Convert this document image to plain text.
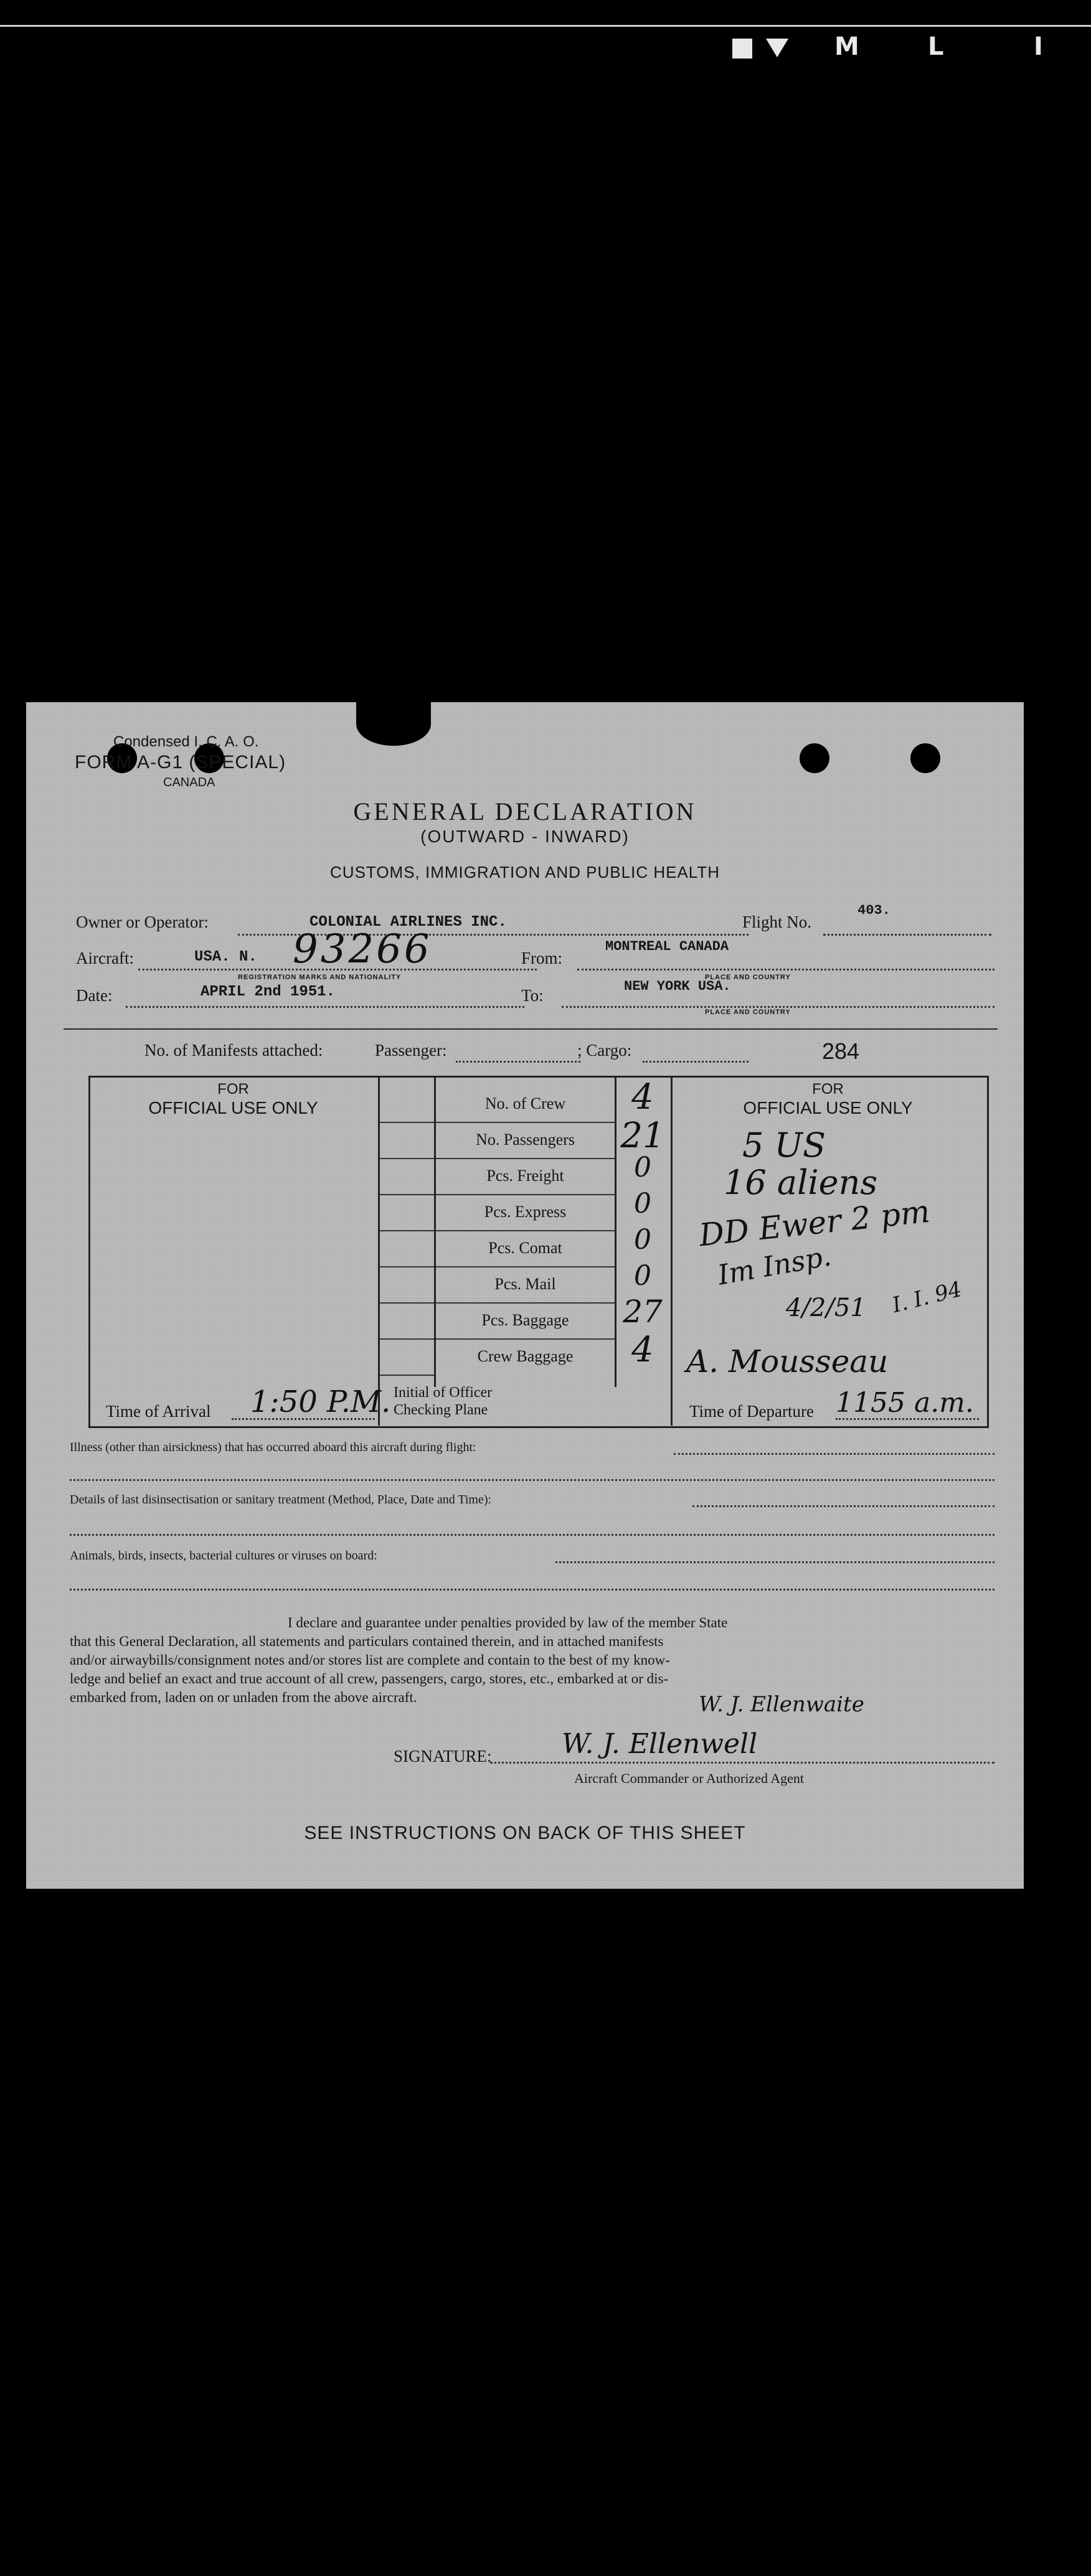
M	L	I
Condensed I. C. A. O.
FORM A-G1 (SPECIAL)
CANADA
GENERAL DECLARATION
(OUTWARD - INWARD)
CUSTOMS, IMMIGRATION AND PUBLIC HEALTH
Owner or Operator:	COLONIAL AIRLINES INC.	Flight No.
403.
Aircraft:	USA. N. 93266
REGISTRATION MARKS AND NATIONALITY
From:
MONTREAL CANADA
PLACE AND COUNTRY
Date:	APRIL 2nd 1951.	To:	NEW YORK USA.
PLACE AND COUNTRY
No. of Manifests attached:	Passenger:	; Cargo:	284
FOR
OFFICIAL USE ONLY
FOR
OFFICIAL USE ONLY
No. of Crew	4
No. Passengers	21
Pcs. Freight	0
Pcs. Express	0
Pcs. Comat	0
Pcs. Mail	0
Pcs. Baggage	27
Crew Baggage	4
5 US
16 aliens
DD Ewer 2 pm
Im Insp.
4/2/51 I. I. 94
A. Mousseau
Time of Arrival 1:50 P.M. Initial of Officer
Checking Plane	Time of Departure 1155 a.m.
Illness (other than airsickness) that has occurred aboard this aircraft during flight:
Details of last disinsectisation or sanitary treatment (Method, Place, Date and Time):
Animals, birds, insects, bacterial cultures or viruses on board:
I declare and guarantee under penalties provided by law of the member State
that this General Declaration, all statements and particulars contained therein, and in attached manifests
and/or airwaybills/consignment notes and/or stores list are complete and contain to the best of my know-
ledge and belief an exact and true account of all crew, passengers, cargo, stores, etc., embarked at or dis-
embarked from, laden on or unladen from the above aircraft.	W. J. Ellenwaite
SIGNATURE:	W. J. Ellenwell
Aircraft Commander or Authorized Agent
SEE INSTRUCTIONS ON BACK OF THIS SHEET
